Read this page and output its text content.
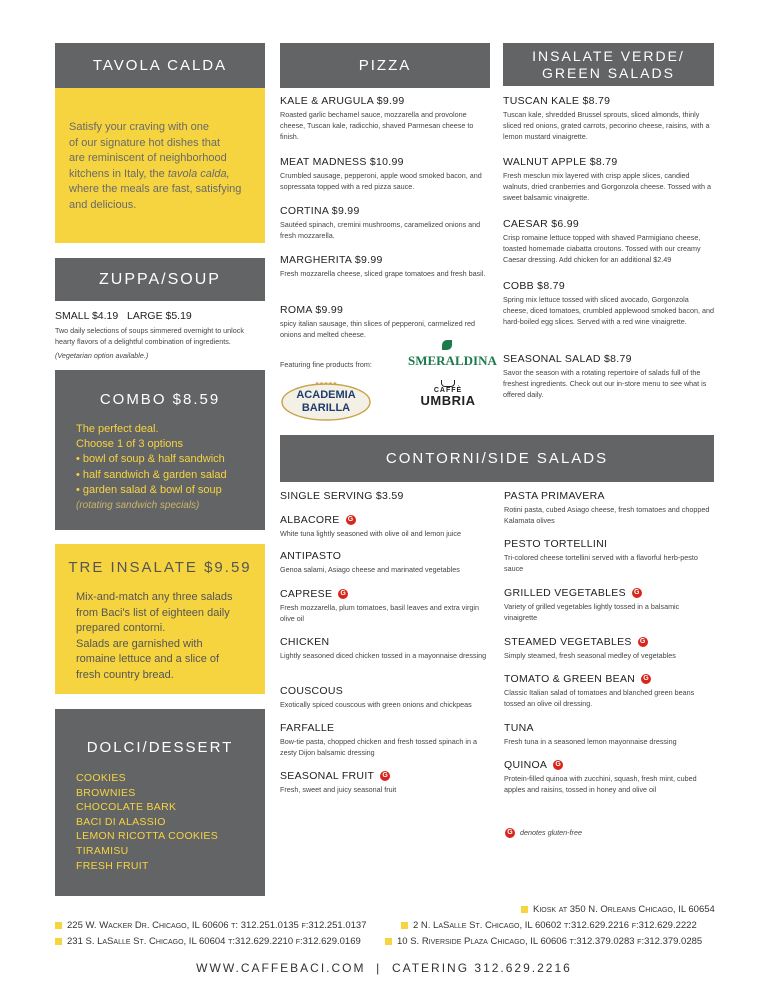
TAVOLA CALDA
Satisfy your craving with one
of our signature hot dishes that
are reminiscent of neighborhood
kitchens in Italy, the tavola calda,
where the meals are fast, satisfying
and delicious.
ZUPPA/SOUP
SMALL $4.19   LARGE $5.19
Two daily selections of soups simmered overnight to unlock hearty flavors of a delightful combination of ingredients.
(Vegetarian option available.)
COMBO $8.59
The perfect deal.
Choose 1 of 3 options
• bowl of soup & half sandwich
• half sandwich & garden salad
• garden salad & bowl of soup
(rotating sandwich specials)
TRE INSALATE $9.59
Mix-and-match any three salads
from Baci's list of eighteen daily
prepared contorni.
Salads are garnished with
romaine lettuce and a slice of
fresh country bread.
DOLCI/DESSERT
COOKIES
BROWNIES
CHOCOLATE BARK
BACI DI ALASSIO
LEMON RICOTTA COOKIES
TIRAMISU
FRESH FRUIT
PIZZA
KALE & ARUGULA $9.99
Roasted garlic bechamel sauce, mozzarella and provolone cheese, Tuscan kale, radicchio, shaved Parmesan cheese to finish.
MEAT MADNESS $10.99
Crumbled sausage, pepperoni, apple wood smoked bacon, and sopressata topped with a red pizza sauce.
CORTINA $9.99
Sautéed spinach, cremini mushrooms, caramelized onions and fresh mozzarella.
MARGHERITA $9.99
Fresh mozzarella cheese, sliced grape tomatoes and fresh basil.
ROMA $9.99
spicy italian sausage, thin slices of pepperoni, carmelized red onions and melted cheese.
Featuring fine products from:
★★★★★
ACADEMIA
BARILLA
SMERALDINA
CAFFÈ
UMBRIA
INSALATE VERDE/
GREEN SALADS
TUSCAN KALE $8.79
Tuscan kale, shredded Brussel sprouts, sliced almonds, thinly sliced red onions, grated carrots, pecorino cheese, raisins, with a lemon mustard vinaigrette.
WALNUT APPLE $8.79
Fresh mesclun mix layered with crisp apple slices, candied walnuts, dried cranberries and Gorgonzola cheese. Tossed with a sweet balsamic vinaigrette.
CAESAR $6.99
Crisp romaine lettuce topped with shaved Parmigiano cheese, toasted homemade ciabatta croutons. Tossed with our creamy Caesar dressing. Add chicken for an additional $2.49
COBB $8.79
Spring mix lettuce tossed with sliced avocado, Gorgonzola cheese, diced tomatoes, crumbled applewood smoked bacon, and hard-boiled egg slices. Served with a red wine vinaigrette.
SEASONAL SALAD $8.79
Savor the season with a rotating repertoire of salads full of the freshest ingredients. Check out our in-store menu to see what is offered daily.
CONTORNI/SIDE SALADS
SINGLE SERVING $3.59
ALBACORE G
White tuna lightly seasoned with olive oil and lemon juice
ANTIPASTO
Genoa salami, Asiago cheese and marinated vegetables
CAPRESE G
Fresh mozzarella, plum tomatoes, basil leaves and extra virgin olive oil
CHICKEN
Lightly seasoned diced chicken tossed in a mayonnaise dressing
COUSCOUS
Exotically spiced couscous with green onions and chickpeas
FARFALLE
Bow-tie pasta, chopped chicken and fresh tossed spinach in a zesty Dijon balsamic dressing
SEASONAL FRUIT G
Fresh, sweet and juicy seasonal fruit
PASTA PRIMAVERA
Rotini pasta, cubed Asiago cheese, fresh tomatoes and chopped Kalamata olives
PESTO TORTELLINI
Tri-colored cheese tortellini served with a flavorful herb-pesto sauce
GRILLED VEGETABLES G
Variety of grilled vegetables lightly tossed in a balsamic vinaigrette
STEAMED VEGETABLES G
Simply steamed, fresh seasonal medley of vegetables
TOMATO & GREEN BEAN G
Classic Italian salad of tomatoes and blanched green beans tossed an olive oil dressing.
TUNA
Fresh tuna in a seasoned lemon mayonnaise dressing
QUINOA G
Protein-filled quinoa with zucchini, squash, fresh mint, cubed apples and raisins, tossed in honey and olive oil
G denotes gluten-free
Kiosk at 350 N. Orleans Chicago, IL 60654
225 W. Wacker Dr. Chicago, IL 60606 t: 312.251.0135 f:312.251.0137	2 N. LaSalle St. Chicago, IL 60602 t:312.629.2216 f:312.629.2222
231 S. LaSalle St. Chicago, IL 60604 t:312.629.2210 f:312.629.0169	10 S. Riverside Plaza Chicago, IL 60606 t:312.379.0283 f:312.379.0285
WWW.CAFFEBACI.COM  |  CATERING 312.629.2216
